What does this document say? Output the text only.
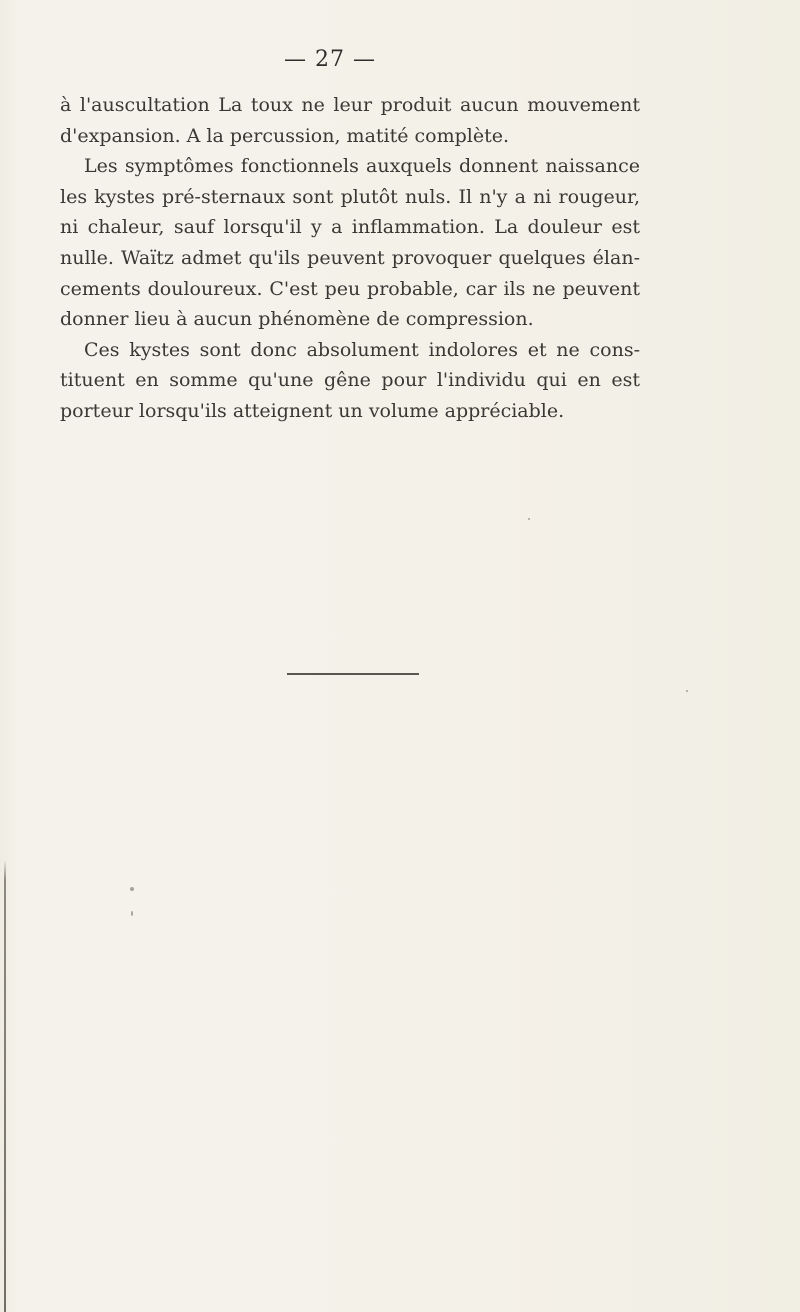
— 27 —
à l'auscultation La toux ne leur produit aucun mouvement
d'expansion. A la percussion, matité complète.
Les symptômes fonctionnels auxquels donnent naissance
les kystes pré-sternaux sont plutôt nuls. Il n'y a ni rougeur,
ni chaleur, sauf lorsqu'il y a inflammation. La douleur est
nulle. Waïtz admet qu'ils peuvent provoquer quelques élan-
cements douloureux. C'est peu probable, car ils ne peuvent
donner lieu à aucun phénomène de compression.
Ces kystes sont donc absolument indolores et ne cons-
tituent en somme qu'une gêne pour l'individu qui en est
porteur lorsqu'ils atteignent un volume appréciable.
